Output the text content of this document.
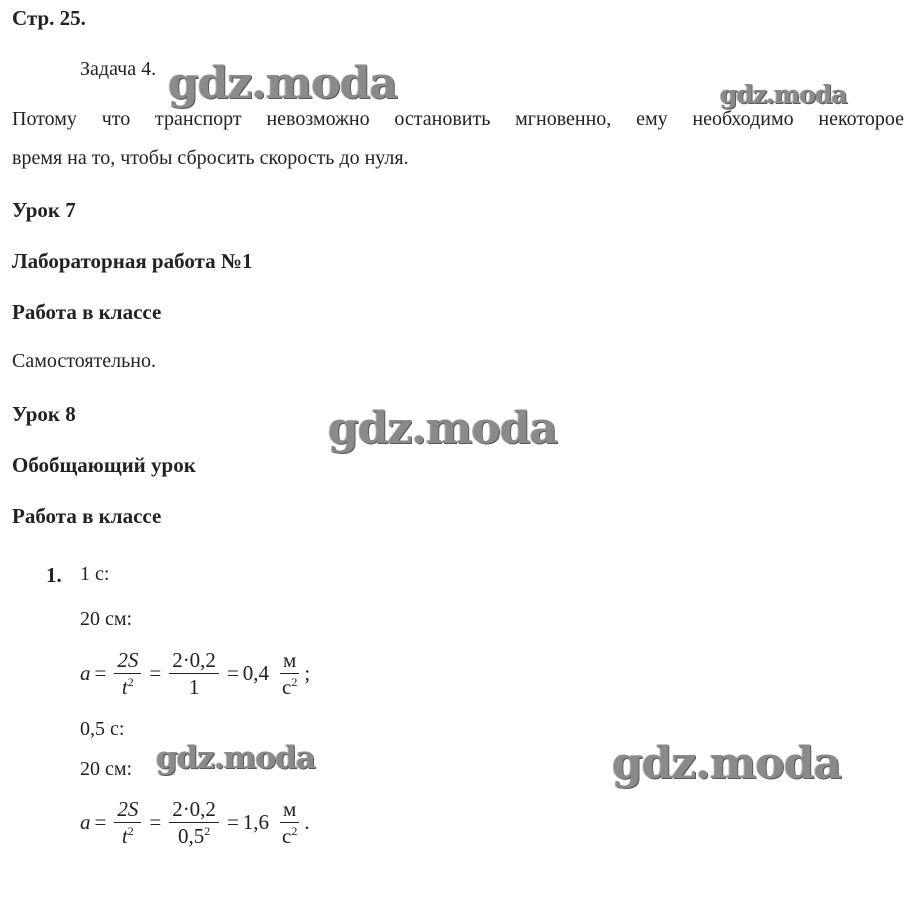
Стр. 25.
Задача 4.
Потому что транспорт невозможно остановить мгновенно, ему необходимо некоторое
время на то, чтобы сбросить скорость до нуля.
Урок 7
Лабораторная работа №1
Работа в классе
Самостоятельно.
Урок 8
Обобщающий урок
Работа в классе
1. 1 с:
20 см:
$a = \frac{2S}{t^2} = \frac{2\cdot 0,2}{1} = 0,4 \frac{м}{с^2}$ ;
0,5 с:
20 см:
$a = \frac{2S}{t^2} = \frac{2\cdot 0,2}{0,5^2} = 1,6 \frac{м}{с^2}$ .
gdz.moda	gdz.moda
gdz.moda
gdz.moda	gdz.moda
